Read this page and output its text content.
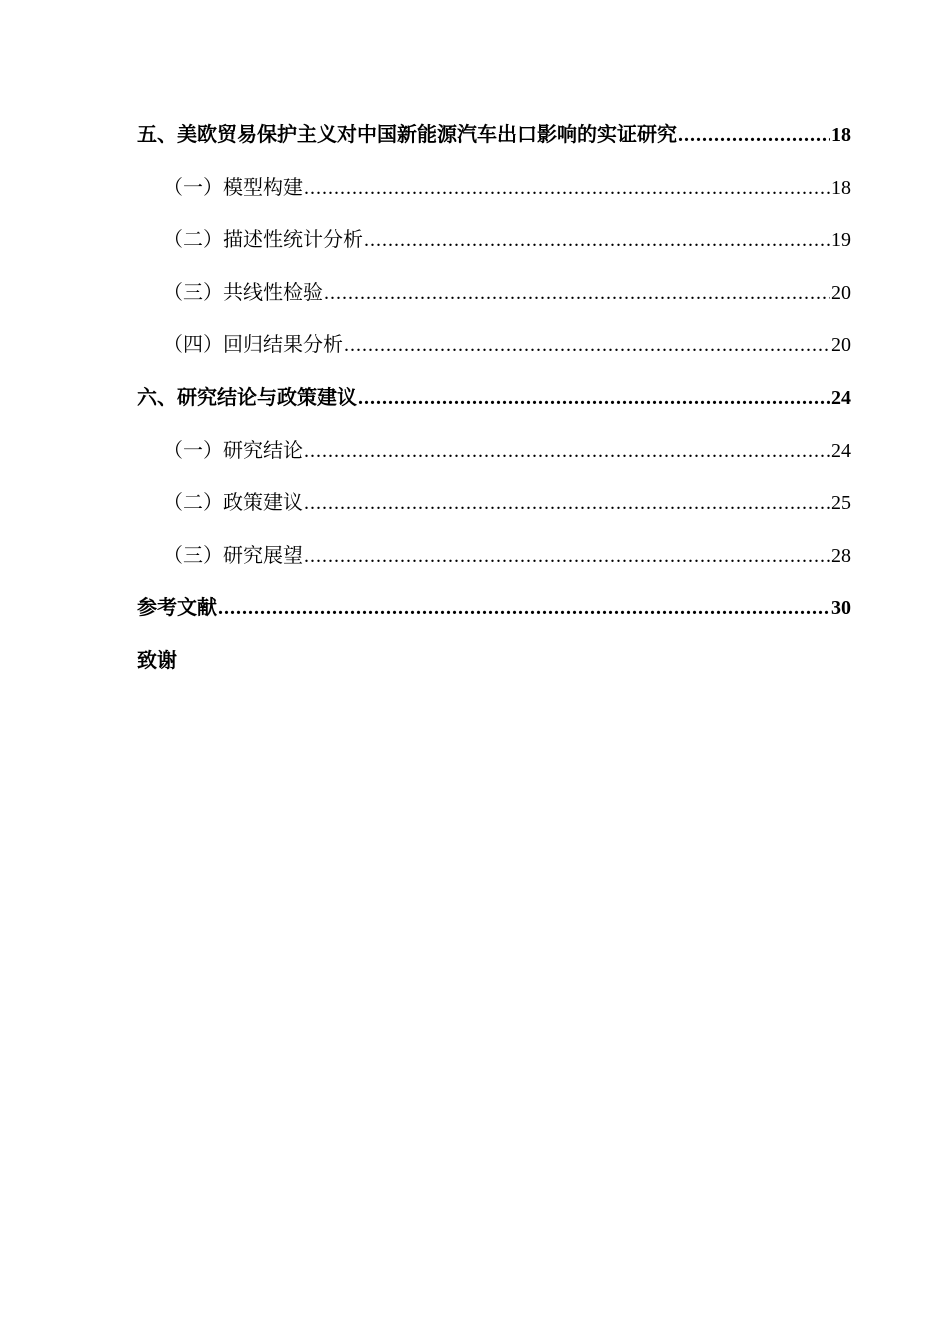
五、美欧贸易保护主义对中国新能源汽车出口影响的实证研究 .....	18
（一）模型构建 .....	18
（二）描述性统计分析 .....	19
（三）共线性检验 .....	20
（四）回归结果分析 .....	20
六、研究结论与政策建议 .....	24
（一）研究结论 .....	24
（二）政策建议 .....	25
（三）研究展望 .....	28
参考文献 .....	30
致谢
